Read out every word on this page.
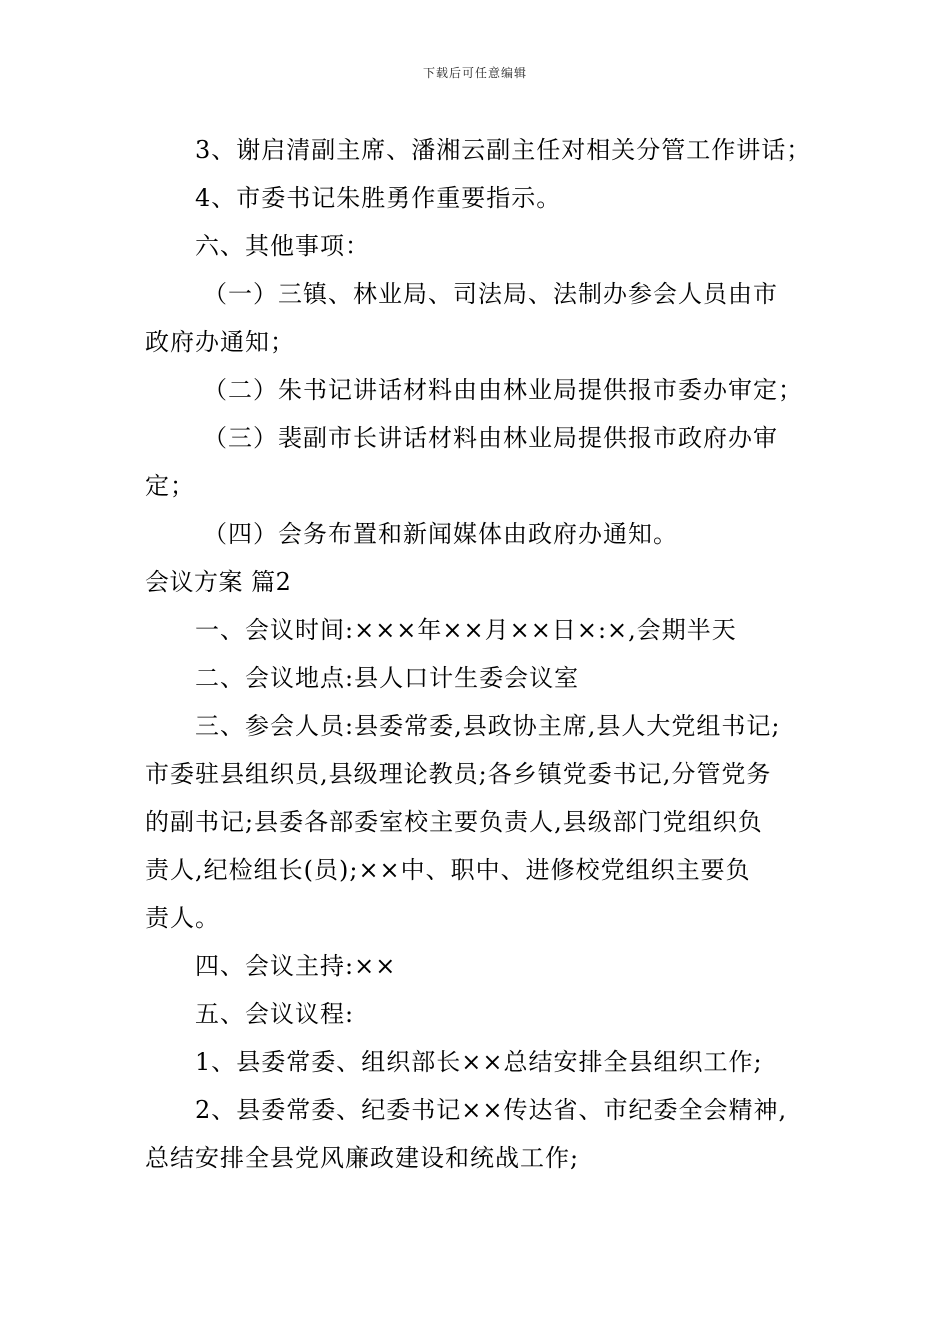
下载后可任意编辑
3、谢启清副主席、潘湘云副主任对相关分管工作讲话；
4、市委书记朱胜勇作重要指示。
六、其他事项：
（一）三镇、林业局、司法局、法制办参会人员由市
政府办通知；
（二）朱书记讲话材料由由林业局提供报市委办审定；
（三）裴副市长讲话材料由林业局提供报市政府办审
定；
（四）会务布置和新闻媒体由政府办通知。
会议方案 篇2
一、会议时间:×××年××月××日×:×,会期半天
二、会议地点:县人口计生委会议室
三、参会人员:县委常委,县政协主席,县人大党组书记;
市委驻县组织员,县级理论教员;各乡镇党委书记,分管党务
的副书记;县委各部委室校主要负责人,县级部门党组织负
责人,纪检组长(员);××中、职中、进修校党组织主要负
责人。
四、会议主持:××
五、会议议程:
1、县委常委、组织部长××总结安排全县组织工作;
2、县委常委、纪委书记××传达省、市纪委全会精神,
总结安排全县党风廉政建设和统战工作;
